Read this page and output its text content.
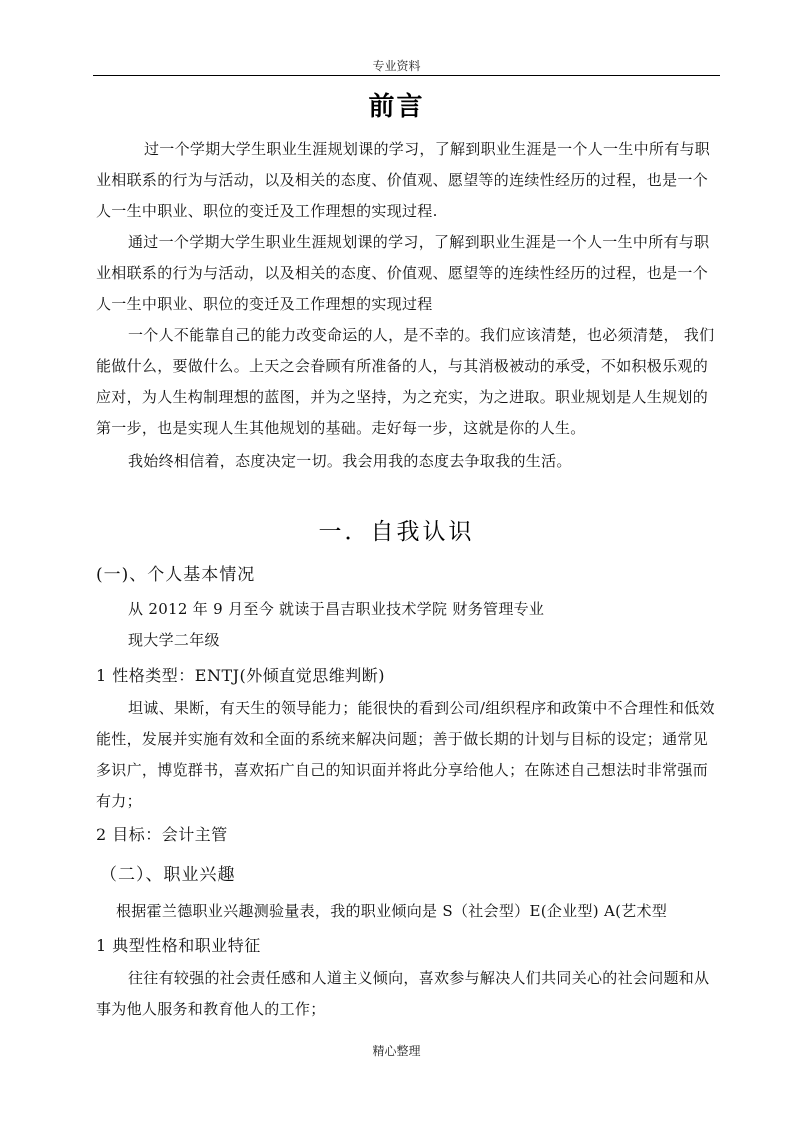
专业资料
前言
过一个学期大学生职业生涯规划课的学习，了解到职业生涯是一个人一生中所有与职业相联系的行为与活动，以及相关的态度、价值观、愿望等的连续性经历的过程，也是一个人一生中职业、职位的变迁及工作理想的实现过程.
通过一个学期大学生职业生涯规划课的学习，了解到职业生涯是一个人一生中所有与职业相联系的行为与活动，以及相关的态度、价值观、愿望等的连续性经历的过程，也是一个人一生中职业、职位的变迁及工作理想的实现过程
一个人不能靠自己的能力改变命运的人，是不幸的。我们应该清楚，也必须清楚， 我们能做什么，要做什么。上天之会眷顾有所准备的人，与其消极被动的承受，不如积极乐观的应对，为人生构制理想的蓝图，并为之坚持，为之充实，为之进取。职业规划是人生规划的第一步，也是实现人生其他规划的基础。走好每一步，这就是你的人生。
我始终相信着，态度决定一切。我会用我的态度去争取我的生活。
一．自我认识
(一)、个人基本情况
从 2012 年 9 月至今 就读于昌吉职业技术学院 财务管理专业
现大学二年级
1 性格类型：ENTJ(外倾直觉思维判断)
坦诚、果断，有天生的领导能力；能很快的看到公司/组织程序和政策中不合理性和低效能性，发展并实施有效和全面的系统来解决问题；善于做长期的计划与目标的设定；通常见多识广，博览群书，喜欢拓广自己的知识面并将此分享给他人；在陈述自己想法时非常强而有力；
2 目标：会计主管
（二）、职业兴趣
根据霍兰德职业兴趣测验量表，我的职业倾向是 S（社会型）E(企业型) A(艺术型
1 典型性格和职业特征
往往有较强的社会责任感和人道主义倾向，喜欢参与解决人们共同关心的社会问题和从事为他人服务和教育他人的工作；
精心整理
